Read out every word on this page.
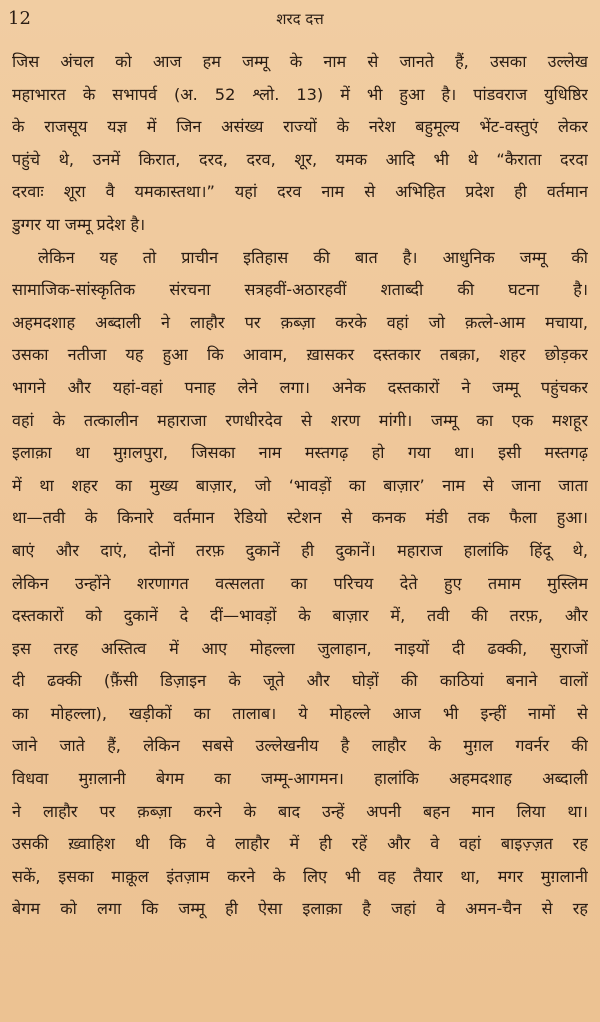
12	शरद दत्त
जिस अंचल को आज हम जम्मू के नाम से जानते हैं, उसका उल्लेख
महाभारत के सभापर्व (अ. 52 श्लो. 13) में भी हुआ है। पांडवराज युधिष्ठिर
के राजसूय यज्ञ में जिन असंख्य राज्यों के नरेश बहुमूल्य भेंट-वस्तुएं लेकर
पहुंचे थे, उनमें किरात, दरद, दरव, शूर, यमक आदि भी थे “कैराता दरदा
दरवाः शूरा वै यमकास्तथा।” यहां दरव नाम से अभिहित प्रदेश ही वर्तमान
डुग्गर या जम्मू प्रदेश है।
लेकिन यह तो प्राचीन इतिहास की बात है। आधुनिक जम्मू की
सामाजिक-सांस्कृतिक संरचना सत्रहवीं-अठारहवीं शताब्दी की घटना है।
अहमदशाह अब्दाली ने लाहौर पर क़ब्ज़ा करके वहां जो क़त्ले-आम मचाया,
उसका नतीजा यह हुआ कि आवाम, ख़ासकर दस्तकार तबक़ा, शहर छोड़कर
भागने और यहां-वहां पनाह लेने लगा। अनेक दस्तकारों ने जम्मू पहुंचकर
वहां के तत्कालीन महाराजा रणधीरदेव से शरण मांगी। जम्मू का एक मशहूर
इलाक़ा था मुग़लपुरा, जिसका नाम मस्तगढ़ हो गया था। इसी मस्तगढ़
में था शहर का मुख्य बाज़ार, जो ‘भावड़ों का बाज़ार’ नाम से जाना जाता
था—तवी के किनारे वर्तमान रेडियो स्टेशन से कनक मंडी तक फैला हुआ।
बाएं और दाएं, दोनों तरफ़ दुकानें ही दुकानें। महाराज हालांकि हिंदू थे,
लेकिन उन्होंने शरणागत वत्सलता का परिचय देते हुए तमाम मुस्लिम
दस्तकारों को दुकानें दे दीं—भावड़ों के बाज़ार में, तवी की तरफ़, और
इस तरह अस्तित्व में आए मोहल्ला जुलाहान, नाइयों दी ढक्की, सुराजों
दी ढक्की (फ़ैंसी डिज़ाइन के जूते और घोड़ों की काठियां बनाने वालों
का मोहल्ला), खड़ीकों का तालाब। ये मोहल्ले आज भी इन्हीं नामों से
जाने जाते हैं, लेकिन सबसे उल्लेखनीय है लाहौर के मुग़ल गवर्नर की
विधवा मुग़लानी बेगम का जम्मू-आगमन। हालांकि अहमदशाह अब्दाली
ने लाहौर पर क़ब्ज़ा करने के बाद उन्हें अपनी बहन मान लिया था।
उसकी ख़्वाहिश थी कि वे लाहौर में ही रहें और वे वहां बाइज़्ज़त रह
सकें, इसका माक़ूल इंतज़ाम करने के लिए भी वह तैयार था, मगर मुग़लानी
बेगम को लगा कि जम्मू ही ऐसा इलाक़ा है जहां वे अमन-चैन से रह
